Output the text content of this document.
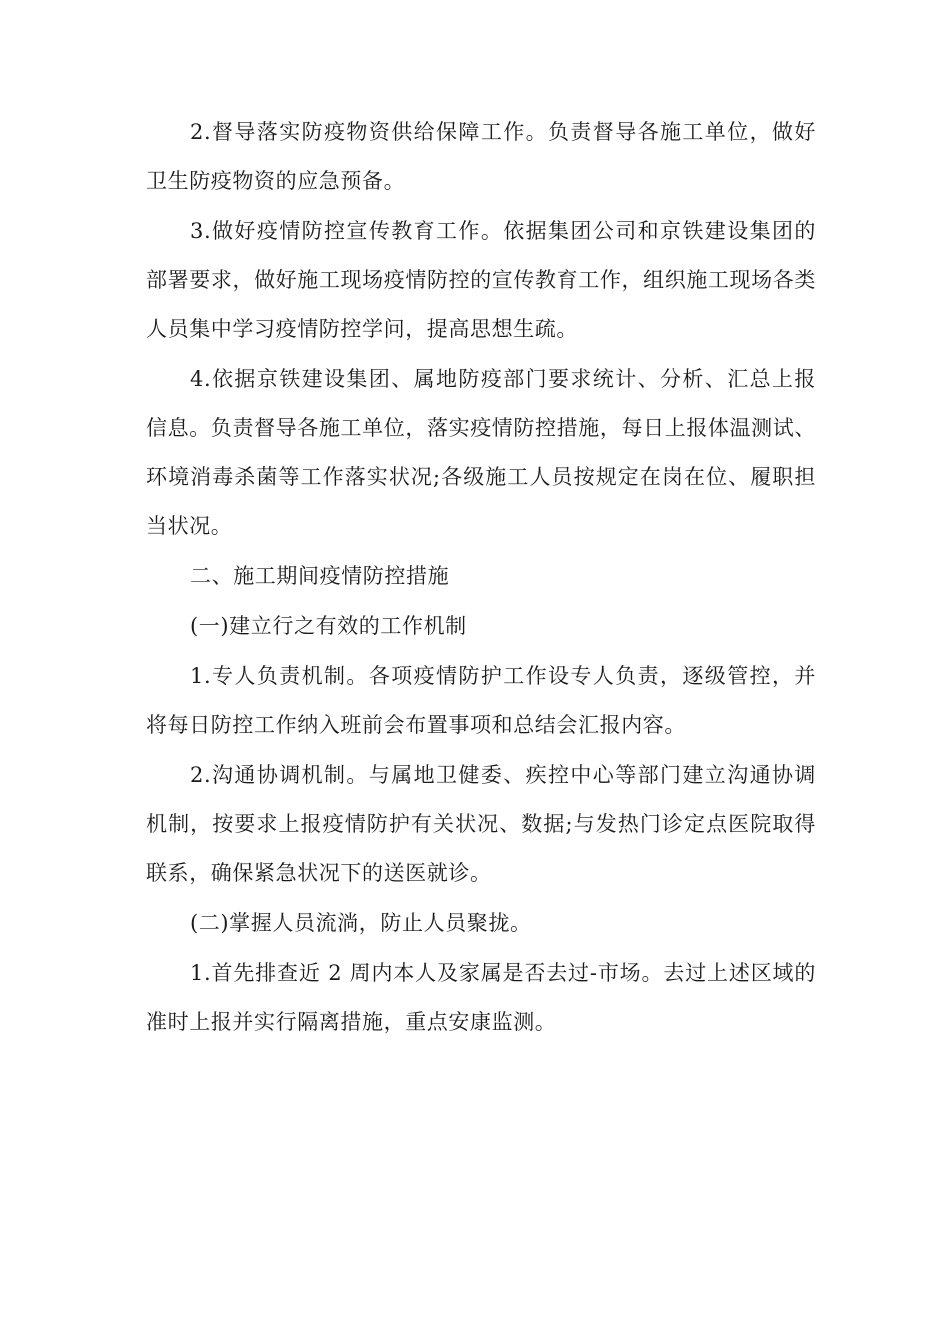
2.督导落实防疫物资供给保障工作。负责督导各施工单位，做好卫生防疫物资的应急预备。

3.做好疫情防控宣传教育工作。依据集团公司和京铁建设集团的部署要求，做好施工现场疫情防控的宣传教育工作，组织施工现场各类人员集中学习疫情防控学问，提高思想生疏。

4.依据京铁建设集团、属地防疫部门要求统计、分析、汇总上报信息。负责督导各施工单位，落实疫情防控措施，每日上报体温测试、环境消毒杀菌等工作落实状况;各级施工人员按规定在岗在位、履职担当状况。

二、施工期间疫情防控措施

(一)建立行之有效的工作机制

1.专人负责机制。各项疫情防护工作设专人负责，逐级管控，并将每日防控工作纳入班前会布置事项和总结会汇报内容。

2.沟通协调机制。与属地卫健委、疾控中心等部门建立沟通协调机制，按要求上报疫情防护有关状况、数据;与发热门诊定点医院取得联系，确保紧急状况下的送医就诊。

(二)掌握人员流淌，防止人员聚拢。

1.首先排查近 2 周内本人及家属是否去过-市场。去过上述区域的准时上报并实行隔离措施，重点安康监测。
